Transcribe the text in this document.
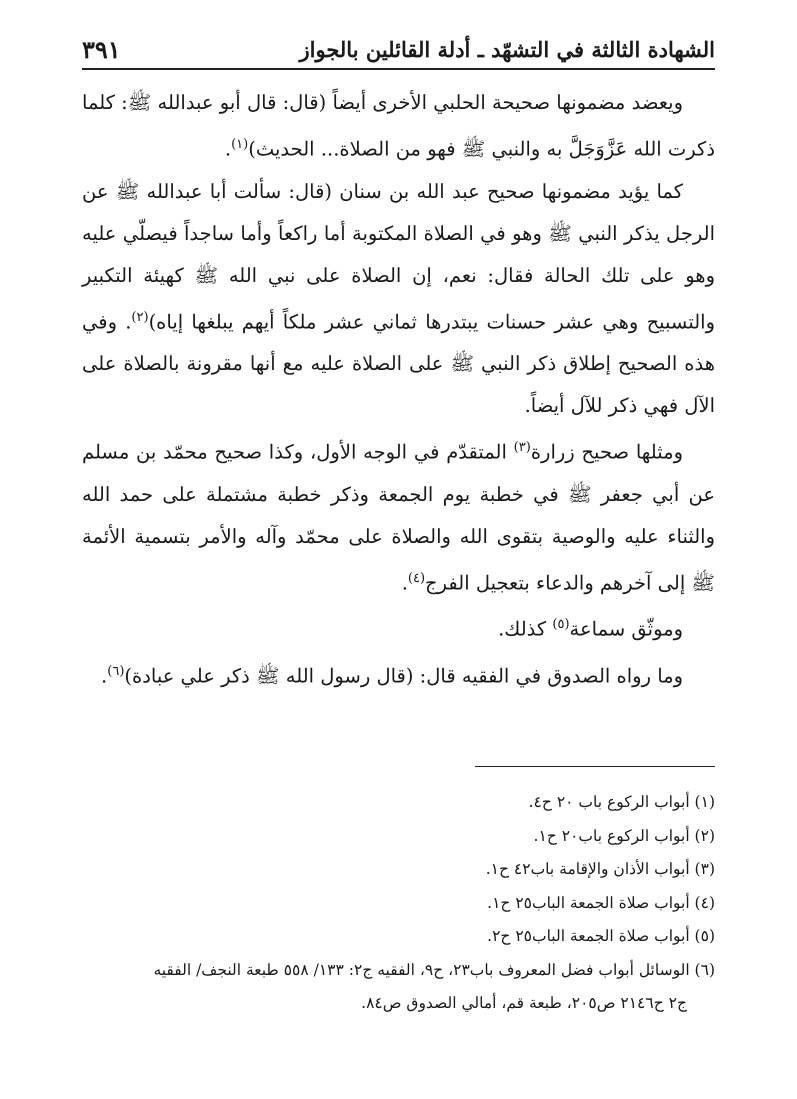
الشهادة الثالثة في التشهّد ـ أدلة القائلين بالجواز
٣٩١

ويعضد مضمونها صحيحة الحلبي الأخرى أيضاً (قال: قال أبو عبدالله ﷺ: كلما ذكرت الله عَزَّوَجَلَّ به والنبي ﷺ فهو من الصلاة... الحديث)$^{(١)}$.

كما يؤيد مضمونها صحيح عبد الله بن سنان (قال: سألت أبا عبدالله ﷺ عن الرجل يذكر النبي ﷺ وهو في الصلاة المكتوبة أما راكعاً وأما ساجداً فيصلّي عليه وهو على تلك الحالة فقال: نعم، إن الصلاة على نبي الله ﷺ كهيئة التكبير والتسبيح وهي عشر حسنات يبتدرها ثماني عشر ملكاً أيهم يبلغها إياه)$^{(٢)}$. وفي هذه الصحيح إطلاق ذكر النبي ﷺ على الصلاة عليه مع أنها مقرونة بالصلاة على الآل فهي ذكر للآل أيضاً.

ومثلها صحيح زرارة$^{(٣)}$ المتقدّم في الوجه الأول، وكذا صحيح محمّد بن مسلم عن أبي جعفر ﷺ في خطبة يوم الجمعة وذكر خطبة مشتملة على حمد الله والثناء عليه والوصية بتقوى الله والصلاة على محمّد وآله والأمر بتسمية الأئمة ﷺ إلى آخرهم والدعاء بتعجيل الفرج$^{(٤)}$.

وموثّق سماعة$^{(٥)}$ كذلك.

وما رواه الصدوق في الفقيه قال: (قال رسول الله ﷺ ذكر علي عبادة)$^{(٦)}$.

(١) أبواب الركوع باب ٢٠ ح٤.
(٢) أبواب الركوع باب٢٠ ح١.
(٣) أبواب الأذان والإقامة باب٤٢ ح١.
(٤) أبواب صلاة الجمعة الباب٢٥ ح١.
(٥) أبواب صلاة الجمعة الباب٢٥ ح٢.
(٦) الوسائل أبواب فضل المعروف باب٢٣، ح٩، الفقيه ج٢: ١٣٣/ ٥٥٨ طبعة النجف/ الفقيه
ج٢ ح٢١٤٦ ص٢٠٥، طبعة قم، أمالي الصدوق ص٨٤.
